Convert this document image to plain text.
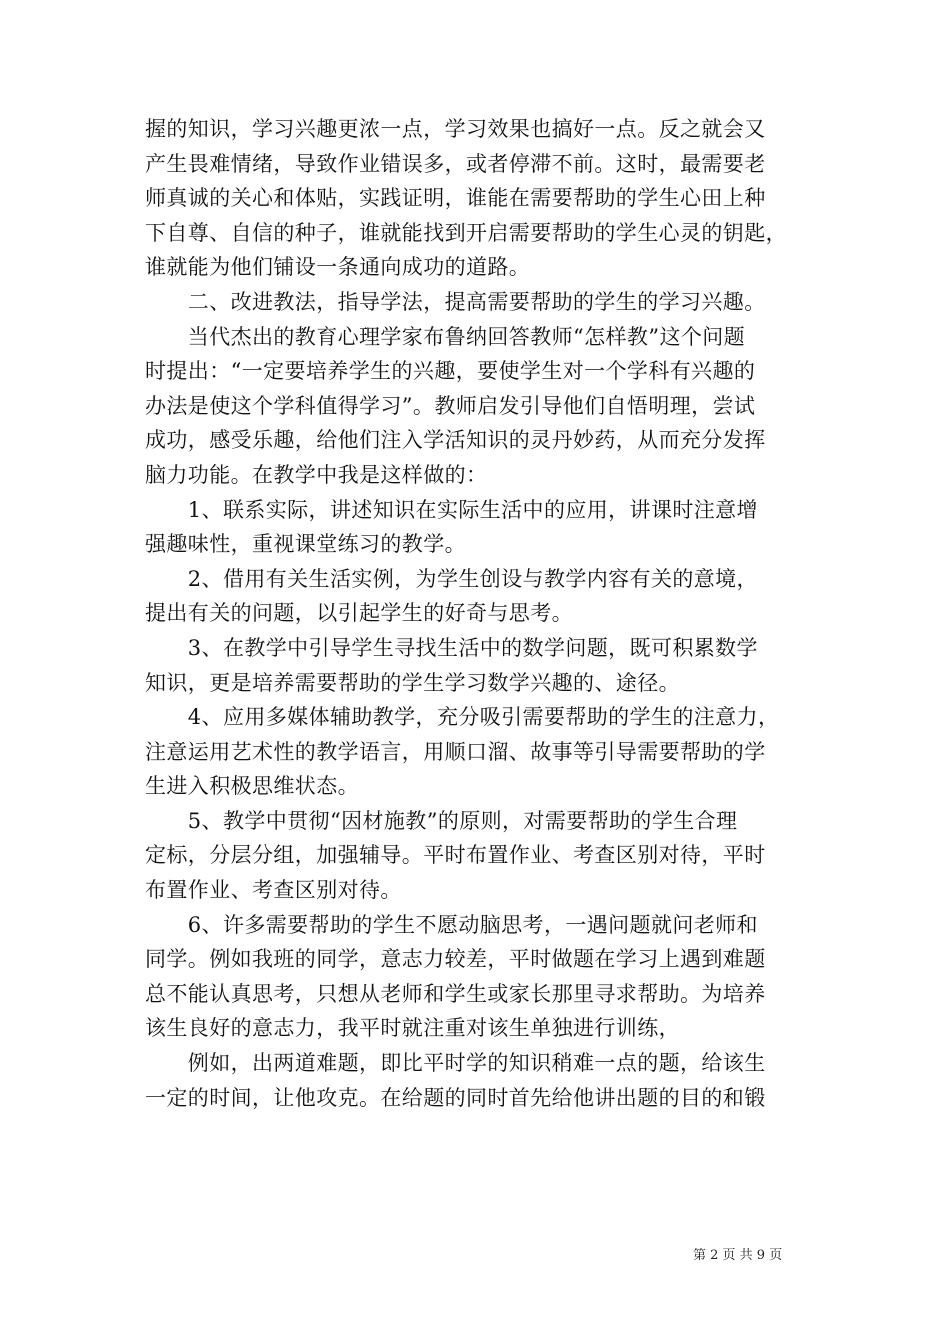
握的知识，学习兴趣更浓一点，学习效果也搞好一点。反之就会又
产生畏难情绪，导致作业错误多，或者停滞不前。这时，最需要老
师真诚的关心和体贴，实践证明，谁能在需要帮助的学生心田上种
下自尊、自信的种子，谁就能找到开启需要帮助的学生心灵的钥匙，
谁就能为他们铺设一条通向成功的道路。
　　二、改进教法，指导学法，提高需要帮助的学生的学习兴趣。
　　当代杰出的教育心理学家布鲁纳回答教师“怎样教”这个问题
时提出：“一定要培养学生的兴趣，要使学生对一个学科有兴趣的
办法是使这个学科值得学习”。教师启发引导他们自悟明理，尝试
成功，感受乐趣，给他们注入学活知识的灵丹妙药，从而充分发挥
脑力功能。在教学中我是这样做的：
　　1、联系实际，讲述知识在实际生活中的应用，讲课时注意增
强趣味性，重视课堂练习的教学。
　　2、借用有关生活实例，为学生创设与教学内容有关的意境，
提出有关的问题，以引起学生的好奇与思考。
　　3、在教学中引导学生寻找生活中的数学问题，既可积累数学
知识，更是培养需要帮助的学生学习数学兴趣的、途径。
　　4、应用多媒体辅助教学，充分吸引需要帮助的学生的注意力，
注意运用艺术性的教学语言，用顺口溜、故事等引导需要帮助的学
生进入积极思维状态。
　　5、教学中贯彻“因材施教”的原则，对需要帮助的学生合理
定标，分层分组，加强辅导。平时布置作业、考查区别对待，平时
布置作业、考查区别对待。
　　6、许多需要帮助的学生不愿动脑思考，一遇问题就问老师和
同学。例如我班的同学，意志力较差，平时做题在学习上遇到难题
总不能认真思考，只想从老师和学生或家长那里寻求帮助。为培养
该生良好的意志力，我平时就注重对该生单独进行训练，
　　例如，出两道难题，即比平时学的知识稍难一点的题，给该生
一定的时间，让他攻克。在给题的同时首先给他讲出题的目的和锻
第 2 页 共 9 页
